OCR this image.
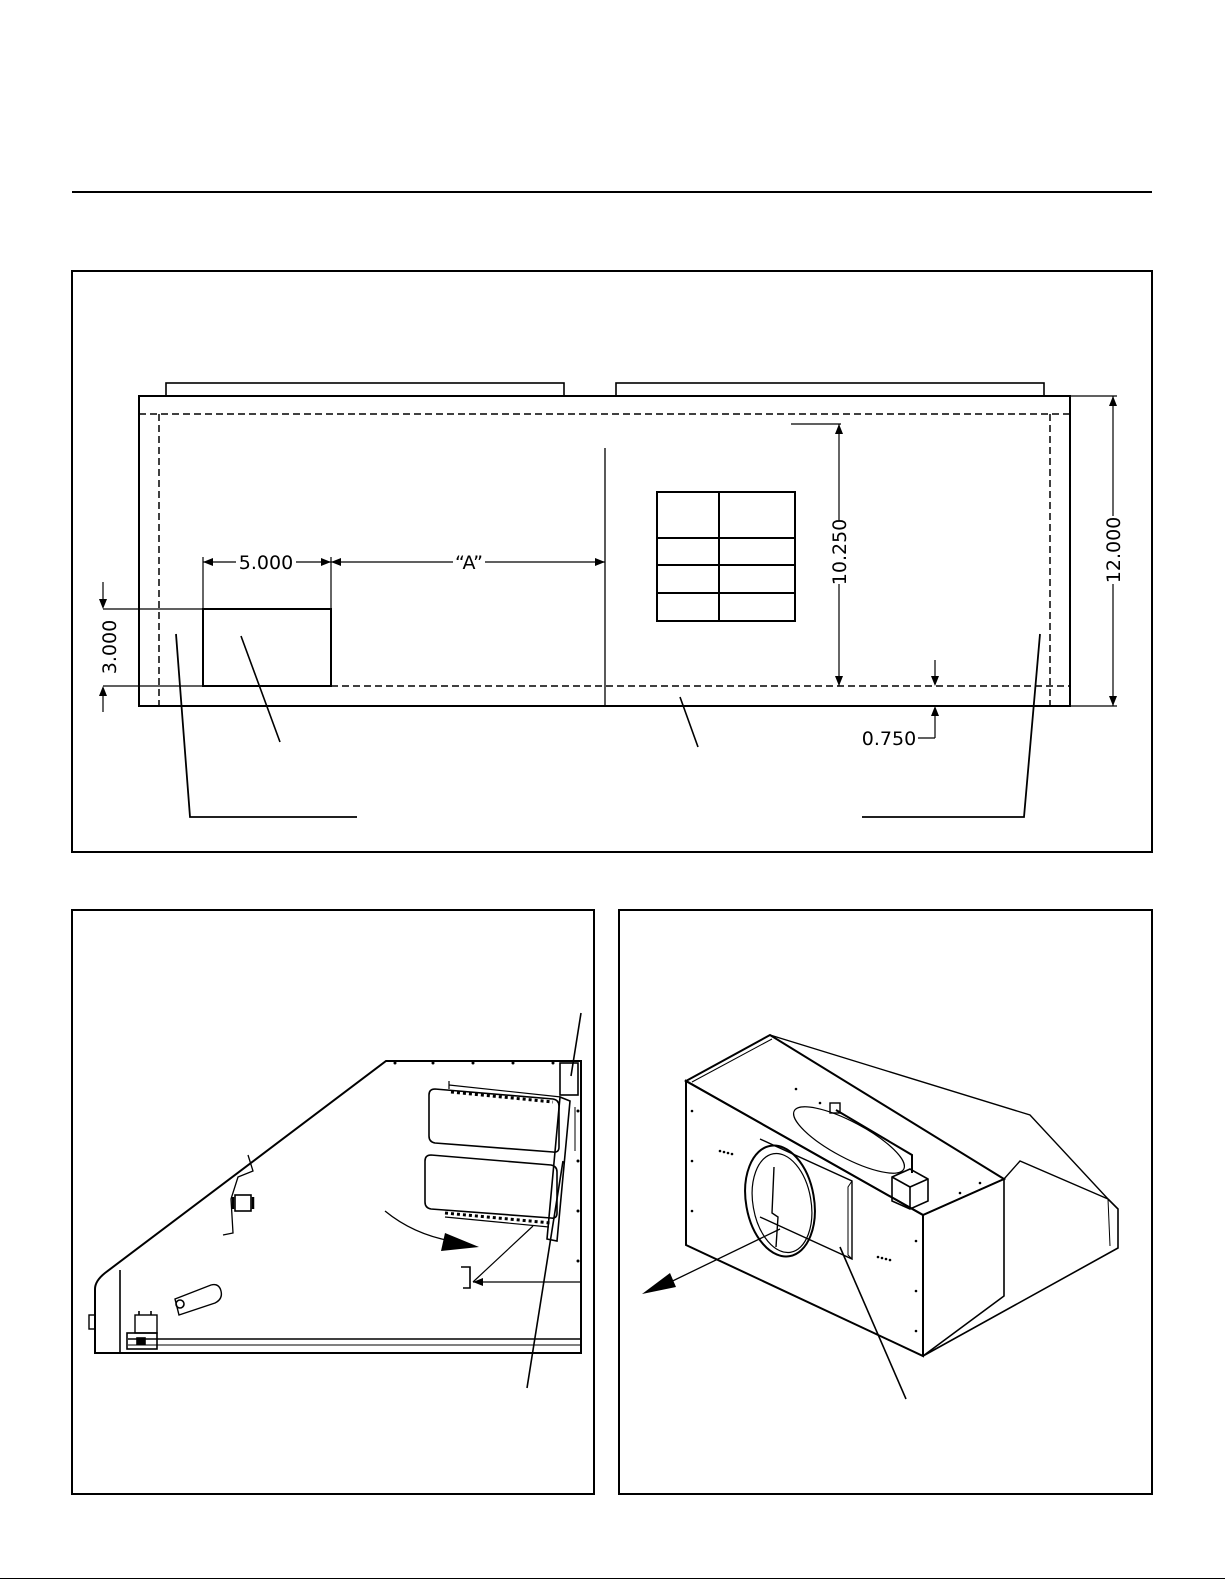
5.000	“A”
3.000
10.250	12.000
0.750
